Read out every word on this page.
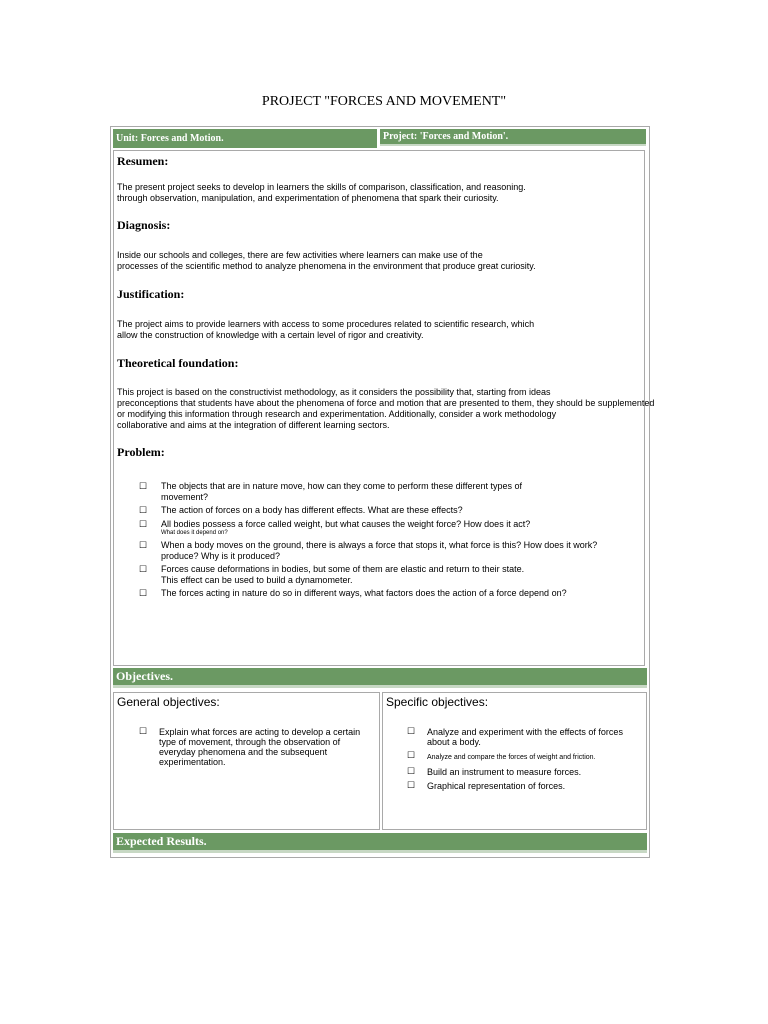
PROJECT "FORCES AND MOVEMENT"
Unit: Forces and Motion.	Project: 'Forces and Motion'.
Resumen:
The present project seeks to develop in learners the skills of comparison, classification, and reasoning.
through observation, manipulation, and experimentation of phenomena that spark their curiosity.
Diagnosis:
Inside our schools and colleges, there are few activities where learners can make use of the
processes of the scientific method to analyze phenomena in the environment that produce great curiosity.
Justification:
The project aims to provide learners with access to some procedures related to scientific research, which
allow the construction of knowledge with a certain level of rigor and creativity.
Theoretical foundation:
This project is based on the constructivist methodology, as it considers the possibility that, starting from ideas
preconceptions that students have about the phenomena of force and motion that are presented to them, they should be supplemented
or modifying this information through research and experimentation. Additionally, consider a work methodology
collaborative and aims at the integration of different learning sectors.
Problem:
☐ The objects that are in nature move, how can they come to perform these different types of movement?
☐ The action of forces on a body has different effects. What are these effects?
☐ All bodies possess a force called weight, but what causes the weight force? How does it act?
What does it depend on?
☐ When a body moves on the ground, there is always a force that stops it, what force is this? How does it work? produce? Why is it produced?
☐ Forces cause deformations in bodies, but some of them are elastic and return to their state. This effect can be used to build a dynamometer.
☐ The forces acting in nature do so in different ways, what factors does the action of a force depend on?
Objectives.
General objectives:
☐ Explain what forces are acting to develop a certain type of movement, through the observation of everyday phenomena and the subsequent experimentation.
Specific objectives:
☐ Analyze and experiment with the effects of forces about a body.
☐ Analyze and compare the forces of weight and friction.
☐ Build an instrument to measure forces.
☐ Graphical representation of forces.
Expected Results.
